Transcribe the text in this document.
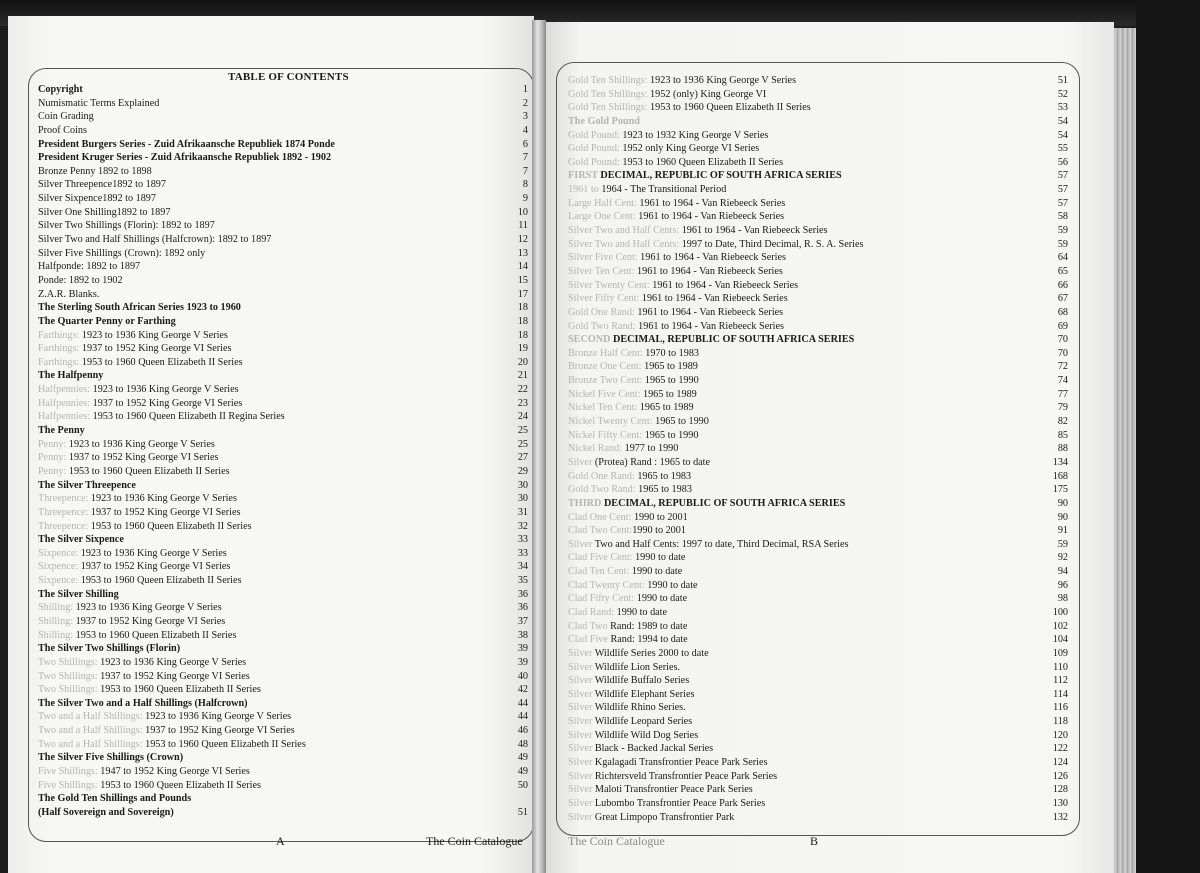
TABLE OF CONTENTS
Copyright	1
Numismatic Terms Explained	2
Coin Grading	3
Proof Coins	4
President Burgers Series - Zuid Afrikaansche Republiek 1874 Ponde	6
President Kruger Series - Zuid Afrikaansche Republiek 1892 - 1902	7
Bronze Penny 1892 to 1898	7
Silver Threepence1892 to 1897	8
Silver Sixpence1892 to 1897	9
Silver One Shilling1892 to 1897	10
Silver Two Shillings (Florin): 1892 to 1897	11
Silver Two and Half Shillings (Halfcrown): 1892 to 1897	12
Silver Five Shillings (Crown): 1892 only	13
Halfponde: 1892 to 1897	14
Ponde: 1892 to 1902	15
Z.A.R. Blanks.	17
The Sterling South African Series 1923 to 1960	18
The Quarter Penny or Farthing	18
Farthings: 1923 to 1936 King George V Series	18
Farthings: 1937 to 1952 King George VI Series	19
Farthings: 1953 to 1960 Queen Elizabeth II Series	20
The Halfpenny	21
Halfpennies: 1923 to 1936 King George V Series	22
Halfpennies: 1937 to 1952 King George VI Series	23
Halfpennies: 1953 to 1960 Queen Elizabeth II Regina Series	24
The Penny	25
Penny: 1923 to 1936 King George V Series	25
Penny: 1937 to 1952 King George VI Series	27
Penny: 1953 to 1960 Queen Elizabeth II Series	29
The Silver Threepence	30
Threepence: 1923 to 1936 King George V Series	30
Threepence: 1937 to 1952 King George VI Series	31
Threepence: 1953 to 1960 Queen Elizabeth II Series	32
The Silver Sixpence	33
Sixpence: 1923 to 1936 King George V Series	33
Sixpence: 1937 to 1952 King George VI Series	34
Sixpence: 1953 to 1960 Queen Elizabeth II Series	35
The Silver Shilling	36
Shilling: 1923 to 1936 King George V Series	36
Shilling: 1937 to 1952 King George VI Series	37
Shilling: 1953 to 1960 Queen Elizabeth II Series	38
The Silver Two Shillings (Florin)	39
Two Shillings: 1923 to 1936 King George V Series	39
Two Shillings: 1937 to 1952 King George VI Series	40
Two Shillings: 1953 to 1960 Queen Elizabeth II Series	42
The Silver Two and a Half Shillings (Halfcrown)	44
Two and a Half Shillings: 1923 to 1936 King George V Series	44
Two and a Half Shillings: 1937 to 1952 King George VI Series	46
Two and a Half Shillings: 1953 to 1960 Queen Elizabeth II Series	48
The Silver Five Shillings (Crown)	49
Five Shillings: 1947 to 1952 King George VI Series	49
Five Shillings: 1953 to 1960 Queen Elizabeth II Series	50
The Gold Ten Shillings and Pounds
(Half Sovereign and Sovereign)	51
A	The Coin Catalogue
Gold Ten Shillings: 1923 to 1936 King George V Series	51
Gold Ten Shillings: 1952 (only) King George VI	52
Gold Ten Shillings: 1953 to 1960 Queen Elizabeth II Series	53
The Gold Pound	54
Gold Pound: 1923 to 1932 King George V Series	54
Gold Pound: 1952 only King George VI Series	55
Gold Pound: 1953 to 1960 Queen Elizabeth II Series	56
FIRST DECIMAL, REPUBLIC OF SOUTH AFRICA SERIES	57
1961 to 1964 - The Transitional Period	57
Large Half Cent: 1961 to 1964 - Van Riebeeck Series	57
Large One Cent: 1961 to 1964 - Van Riebeeck Series	58
Silver Two and Half Cents: 1961 to 1964 - Van Riebeeck Series	59
Silver Two and Half Cents: 1997 to Date, Third Decimal, R. S. A. Series	59
Silver Five Cent: 1961 to 1964 - Van Riebeeck Series	64
Silver Ten Cent: 1961 to 1964 - Van Riebeeck Series	65
Silver Twenty Cent: 1961 to 1964 - Van Riebeeck Series	66
Silver Fifty Cent: 1961 to 1964 - Van Riebeeck Series	67
Gold One Rand: 1961 to 1964 - Van Riebeeck Series	68
Gold Two Rand: 1961 to 1964 - Van Riebeeck Series	69
SECOND DECIMAL, REPUBLIC OF SOUTH AFRICA SERIES	70
Bronze Half Cent: 1970 to 1983	70
Bronze One Cent: 1965 to 1989	72
Bronze Two Cent: 1965 to 1990	74
Nickel Five Cent: 1965 to 1989	77
Nickel Ten Cent: 1965 to 1989	79
Nickel Twenty Cent: 1965 to 1990	82
Nickel Fifty Cent: 1965 to 1990	85
Nickel Rand: 1977 to 1990	88
Silver (Protea) Rand : 1965 to date	134
Gold One Rand: 1965 to 1983	168
Gold Two Rand: 1965 to 1983	175
THIRD DECIMAL, REPUBLIC OF SOUTH AFRICA SERIES	90
Clad One Cent: 1990 to 2001	90
Clad Two Cent:1990 to 2001	91
Silver Two and Half Cents: 1997 to date, Third Decimal, RSA Series	59
Clad Five Cent: 1990 to date	92
Clad Ten Cent: 1990 to date	94
Clad Twenty Cent: 1990 to date	96
Clad Fifty Cent: 1990 to date	98
Clad Rand: 1990 to date	100
Clad Two Rand: 1989 to date	102
Clad Five Rand: 1994 to date	104
Silver Wildlife Series 2000 to date	109
Silver Wildlife Lion Series.	110
Silver Wildlife Buffalo Series	112
Silver Wildlife Elephant Series	114
Silver Wildlife Rhino Series.	116
Silver Wildlife Leopard Series	118
Silver Wildlife Wild Dog Series	120
Silver Black - Backed Jackal Series	122
Silver Kgalagadi Transfrontier Peace Park Series	124
Silver Richtersveld Transfrontier Peace Park Series	126
Silver Maloti Transfrontier Peace Park Series	128
Silver Lubombo Transfrontier Peace Park Series	130
Silver Great Limpopo Transfrontier Park	132
The Coin Catalogue	B
